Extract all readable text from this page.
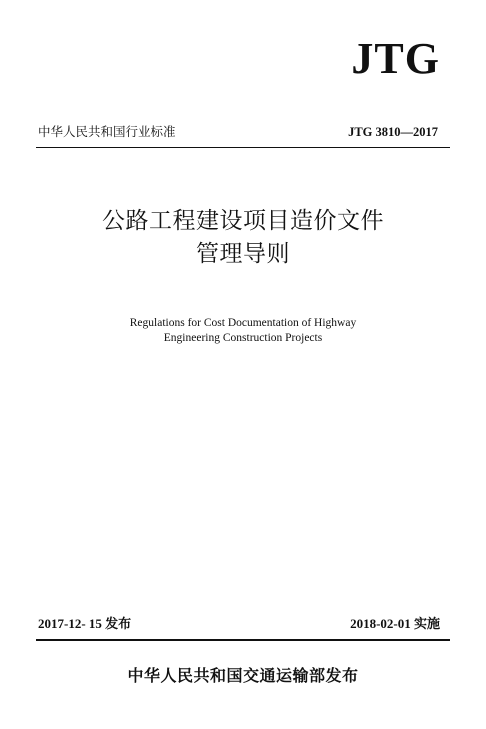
JTG
中华人民共和国行业标准	JTG 3810—2017
公路工程建设项目造价文件
管理导则
Regulations for Cost Documentation of Highway
Engineering Construction Projects
2017-12- 15 发布	2018-02-01 实施
中华人民共和国交通运输部发布
